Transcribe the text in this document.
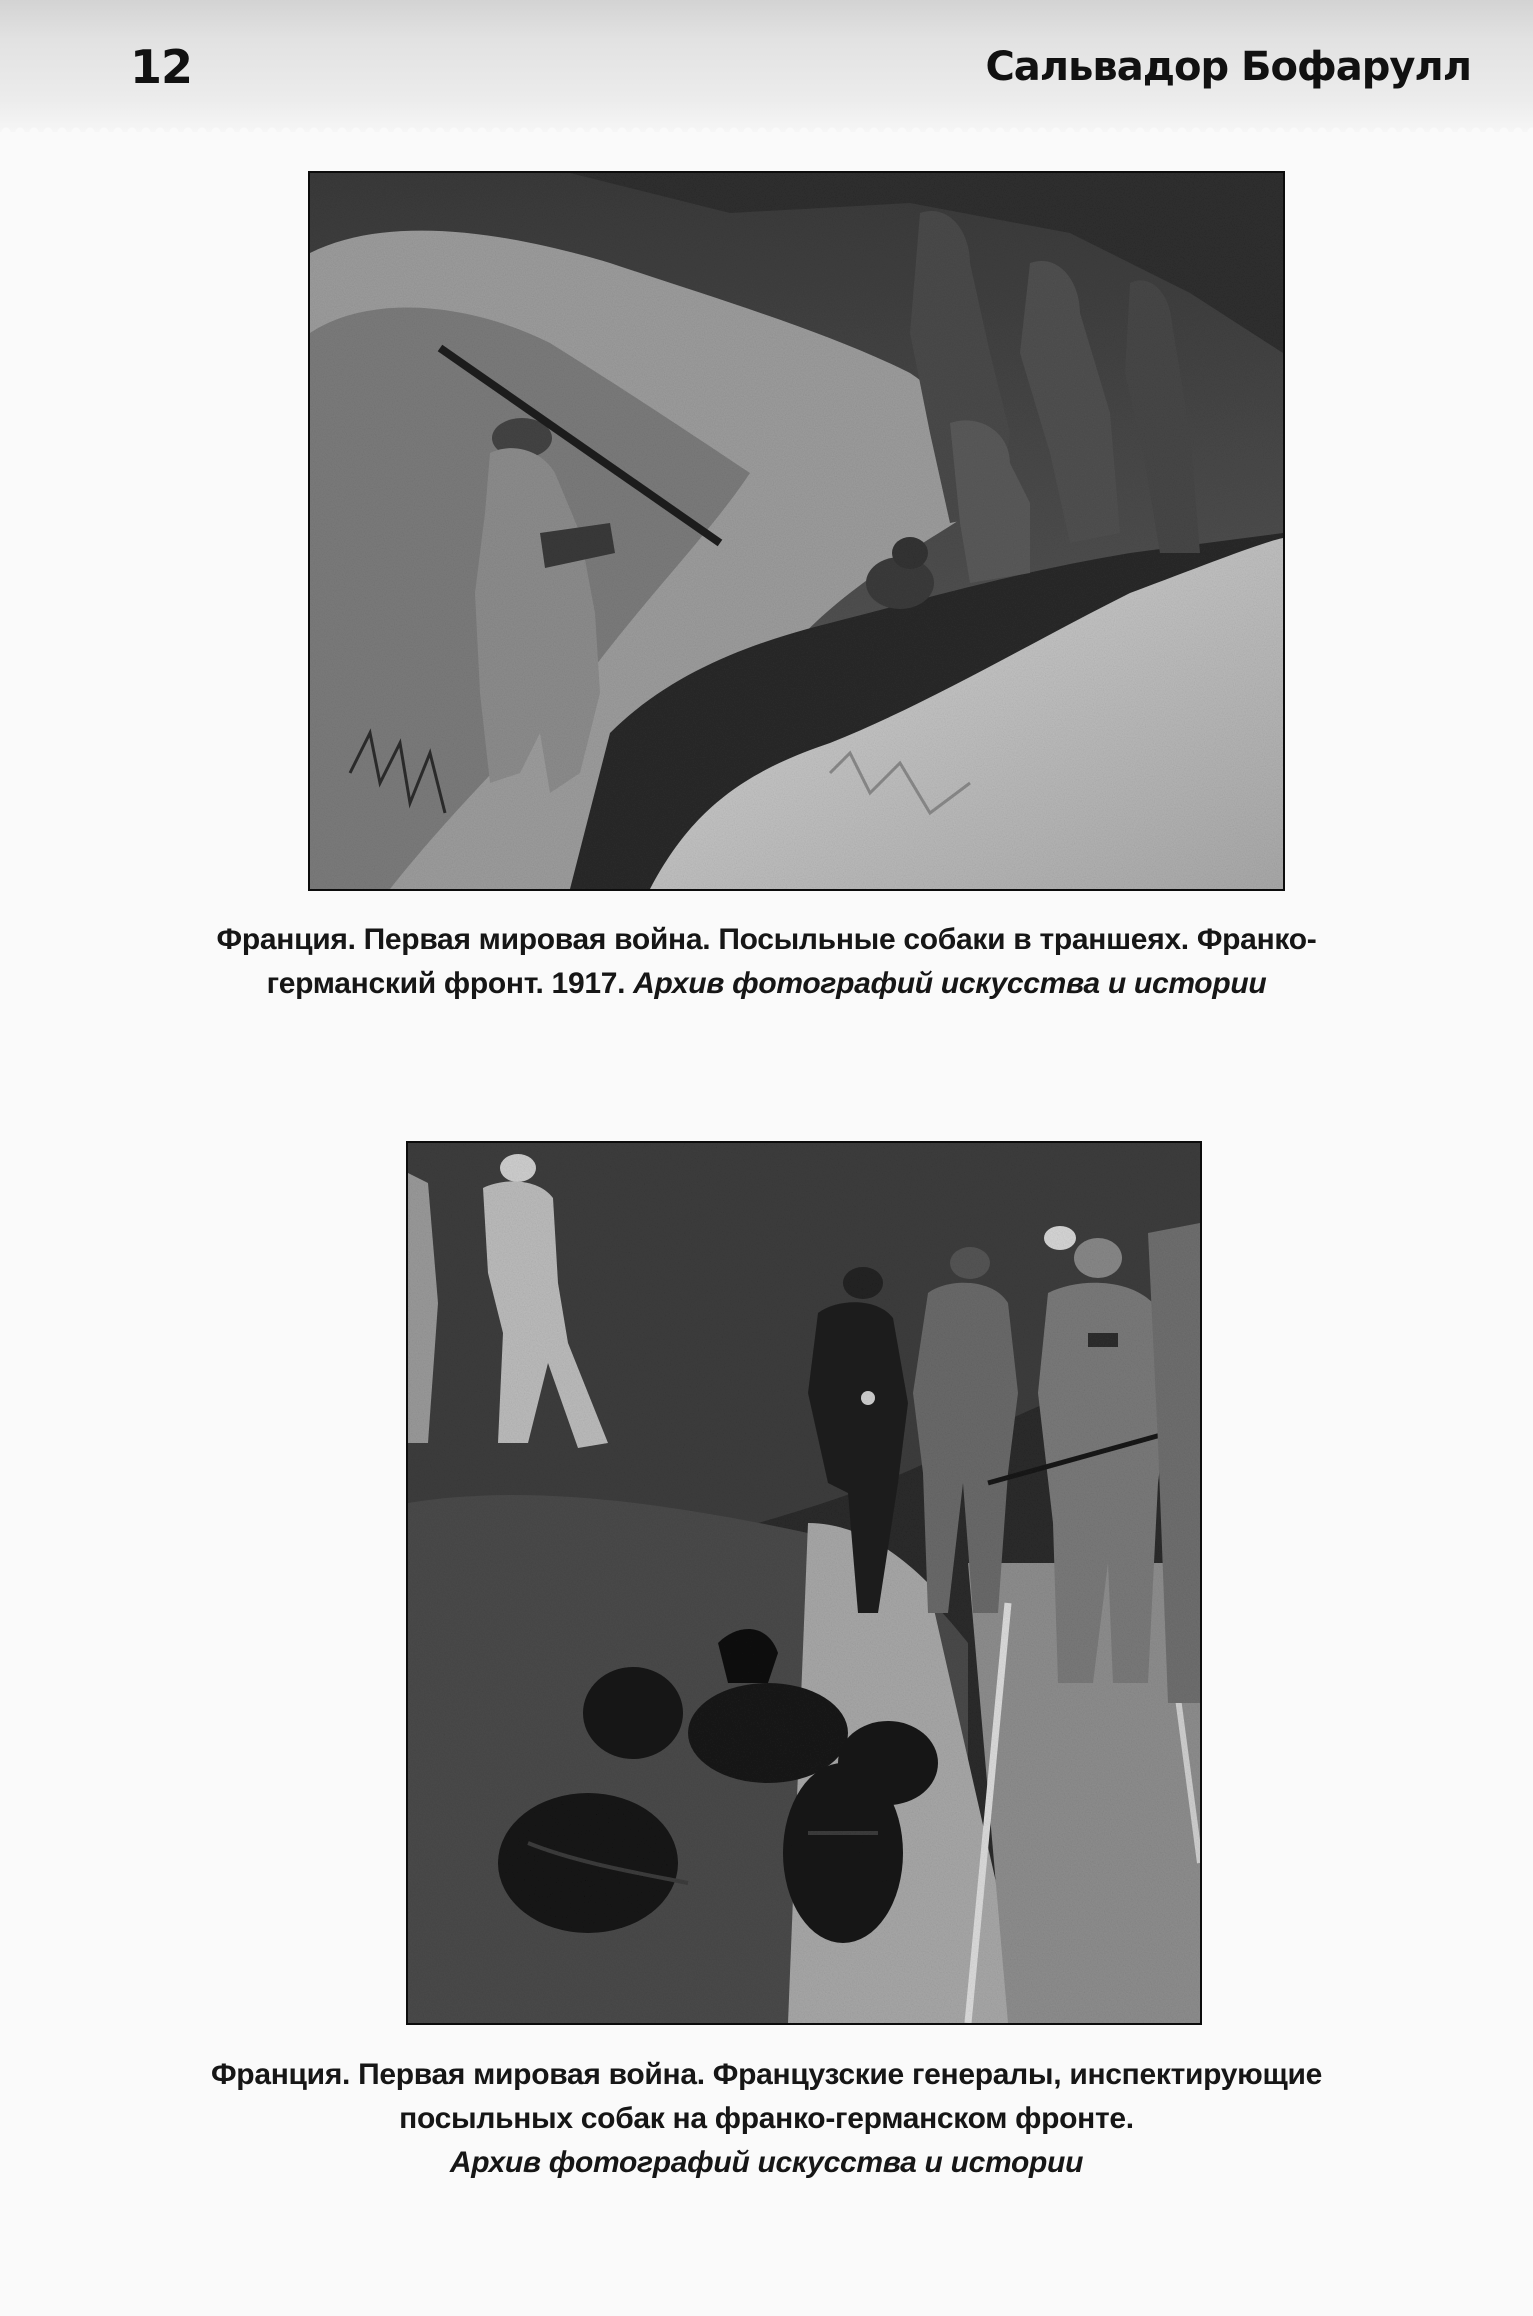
12	Сальвадор Бофарулл
Франция. Первая мировая война. Посыльные собаки в траншеях. Франко-
германский фронт. 1917. Архив фотографий искусства и истории
Франция. Первая мировая война. Французские генералы, инспектирующие
посыльных собак на франко-германском фронте.
Архив фотографий искусства и истории
